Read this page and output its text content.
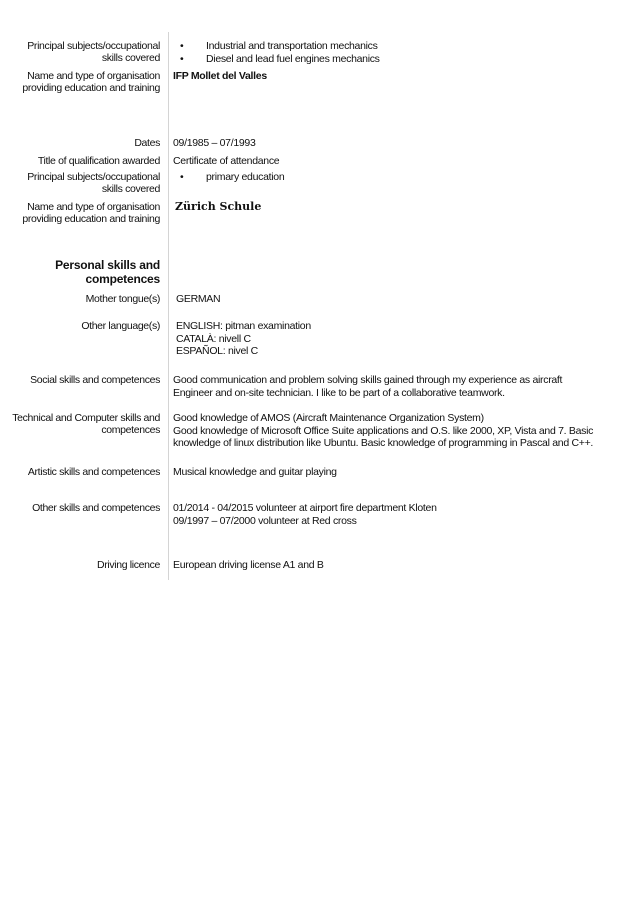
Principal subjects/occupational skills covered
• Industrial and transportation mechanics
• Diesel and lead fuel engines mechanics
Name and type of organisation providing education and training
IFP Mollet del Valles
Dates 09/1985 – 07/1993
Title of qualification awarded Certificate of attendance
Principal subjects/occupational skills covered
• primary education
Name and type of organisation providing education and training
Zürich Schule
Personal skills and competences
Mother tongue(s) GERMAN
Other language(s) ENGLISH: pitman examination
CATALÀ: nivell C
ESPAÑOL: nivel C
Social skills and competences Good communication and problem solving skills gained through my experience as aircraft Engineer and on-site technician. I like to be part of a collaborative teamwork.
Technical and Computer skills and competences
Good knowledge of AMOS (Aircraft Maintenance Organization System)
Good knowledge of Microsoft Office Suite applications and O.S. like 2000, XP, Vista and 7. Basic knowledge of linux distribution like Ubuntu. Basic knowledge of programming in Pascal and C++.
Artistic skills and competences Musical knowledge and guitar playing
Other skills and competences 01/2014 - 04/2015 volunteer at airport fire department Kloten
09/1997 – 07/2000 volunteer at Red cross
Driving licence European driving license A1 and B
